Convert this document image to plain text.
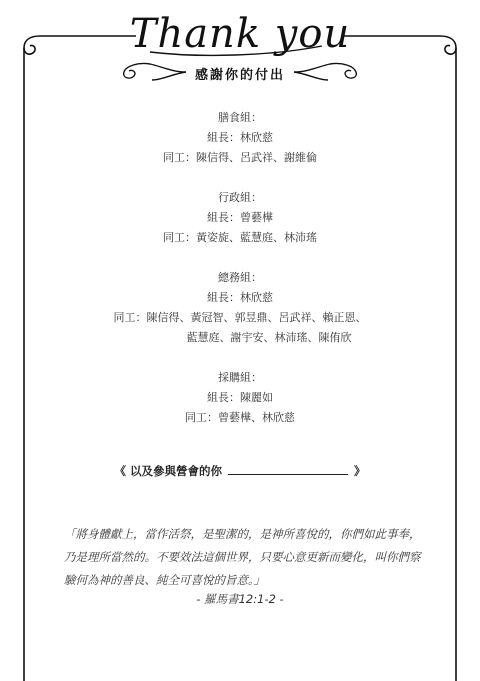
Thank you
感謝你的付出
膳食組：
組長：林欣慈
同工：陳信得、呂武祥、謝維倫
行政組：
組長：曾藝樺
同工：黃姿旋、藍慧庭、林沛瑤
總務組：
組長：林欣慈
同工：陳信得、黃冠智、郭昱鼎、呂武祥、賴正恩、
藍慧庭、謝宇安、林沛瑤、陳侑欣
採購組：
組長：陳麗如
同工：曾藝樺、林欣慈
《 以及參與營會的你	》
「將身體獻上，當作活祭，是聖潔的，是神所喜悅的，你們如此事奉，乃是理所當然的。不要效法這個世界，只要心意更新而變化，叫你們察驗何為神的善良、純全可喜悅的旨意。」
- 羅馬書12:1-2 -
